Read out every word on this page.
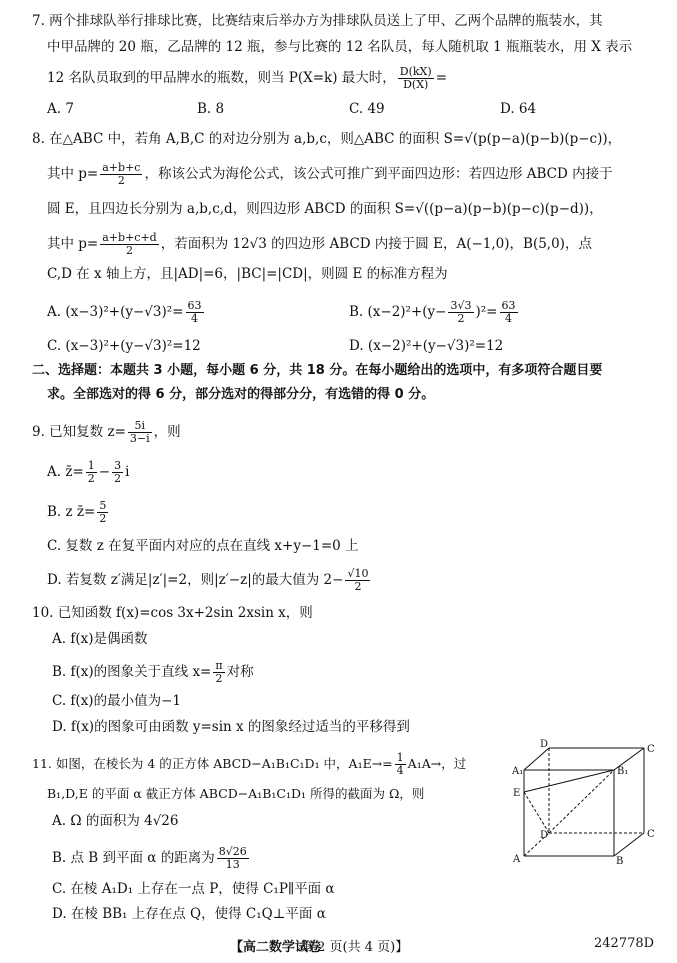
7. 两个排球队举行排球比赛，比赛结束后举办方为排球队员送上了甲、乙两个品牌的瓶装水，其
中甲品牌的 20 瓶，乙品牌的 12 瓶，参与比赛的 12 名队员，每人随机取 1 瓶瓶装水，用 X 表示
12 名队员取到的甲品牌水的瓶数，则当 P(X=k) 最大时， $\frac{D(kX)}{D(X)}$ =
A. 7	B. 8	C. 49	D. 64
8. 在△ABC 中，若角 A,B,C 的对边分别为 a,b,c，则△ABC 的面积 S=√(p(p−a)(p−b)(p−c))，
其中 $p= \frac{a+b+c}{2}$ ，称该公式为海伦公式，该公式可推广到平面四边形：若四边形 ABCD 内接于
圆 E，且四边长分别为 a,b,c,d，则四边形 ABCD 的面积 S=√((p−a)(p−b)(p−c)(p−d))，
其中 $p= \frac{a+b+c+d}{2}$ ，若面积为 12√3 的四边形 ABCD 内接于圆 E，A(−1,0)，B(5,0)，点
C,D 在 x 轴上方，且|AD|=6，|BC|=|CD|，则圆 E 的标准方程为
A. $(x-3)^2+(y-√3)^2= \frac{63}{4}$	B. $(x-2)^2+(y- \frac{3√3}{2} )^2= \frac{63}{4}$
C. (x−3)²+(y−√3)²=12	D. (x−2)²+(y−√3)²=12
二、选择题：本题共 3 小题，每小题 6 分，共 18 分。在每小题给出的选项中，有多项符合题目要
求。全部选对的得 6 分，部分选对的得部分分，有选错的得 0 分。
9. 已知复数 $z= \frac{5i}{3-i}$ ，则
A. z̄= $\frac{1}{2} - \frac{3}{2}$ i
B. z z̄= $\frac{5}{2}$
C. 复数 z 在复平面内对应的点在直线 x+y−1=0 上
D. 若复数 z′满足|z′|=2，则|z′−z|的最大值为 $2- \frac{√10}{2}$
10. 已知函数 f(x)=cos 3x+2sin 2xsin x，则
A. f(x)是偶函数
B. f(x)的图象关于直线 $x= \frac{\pi}{2}$ 对称
C. f(x)的最小值为−1
D. f(x)的图象可由函数 y=sin x 的图象经过适当的平移得到
11. 如图，在棱长为 4 的正方体 ABCD−A₁B₁C₁D₁ 中，$A_1E\to= \frac{1}{4} A_1A\to$，过
B₁,D,E 的平面 α 截正方体 ABCD−A₁B₁C₁D₁ 所得的截面为 Ω，则
A. Ω 的面积为 4√26
B. 点 B 到平面 α 的距离为 $\frac{8√26}{13}$
C. 在棱 A₁D₁ 上存在一点 P，使得 C₁P∥平面 α
D. 在棱 BB₁ 上存在点 Q，使得 C₁Q⊥平面 α
D	C
A₁	B₁
E
D	C
A	B
【高二数学试卷
第 2 页(共 4 页)】	242778D
